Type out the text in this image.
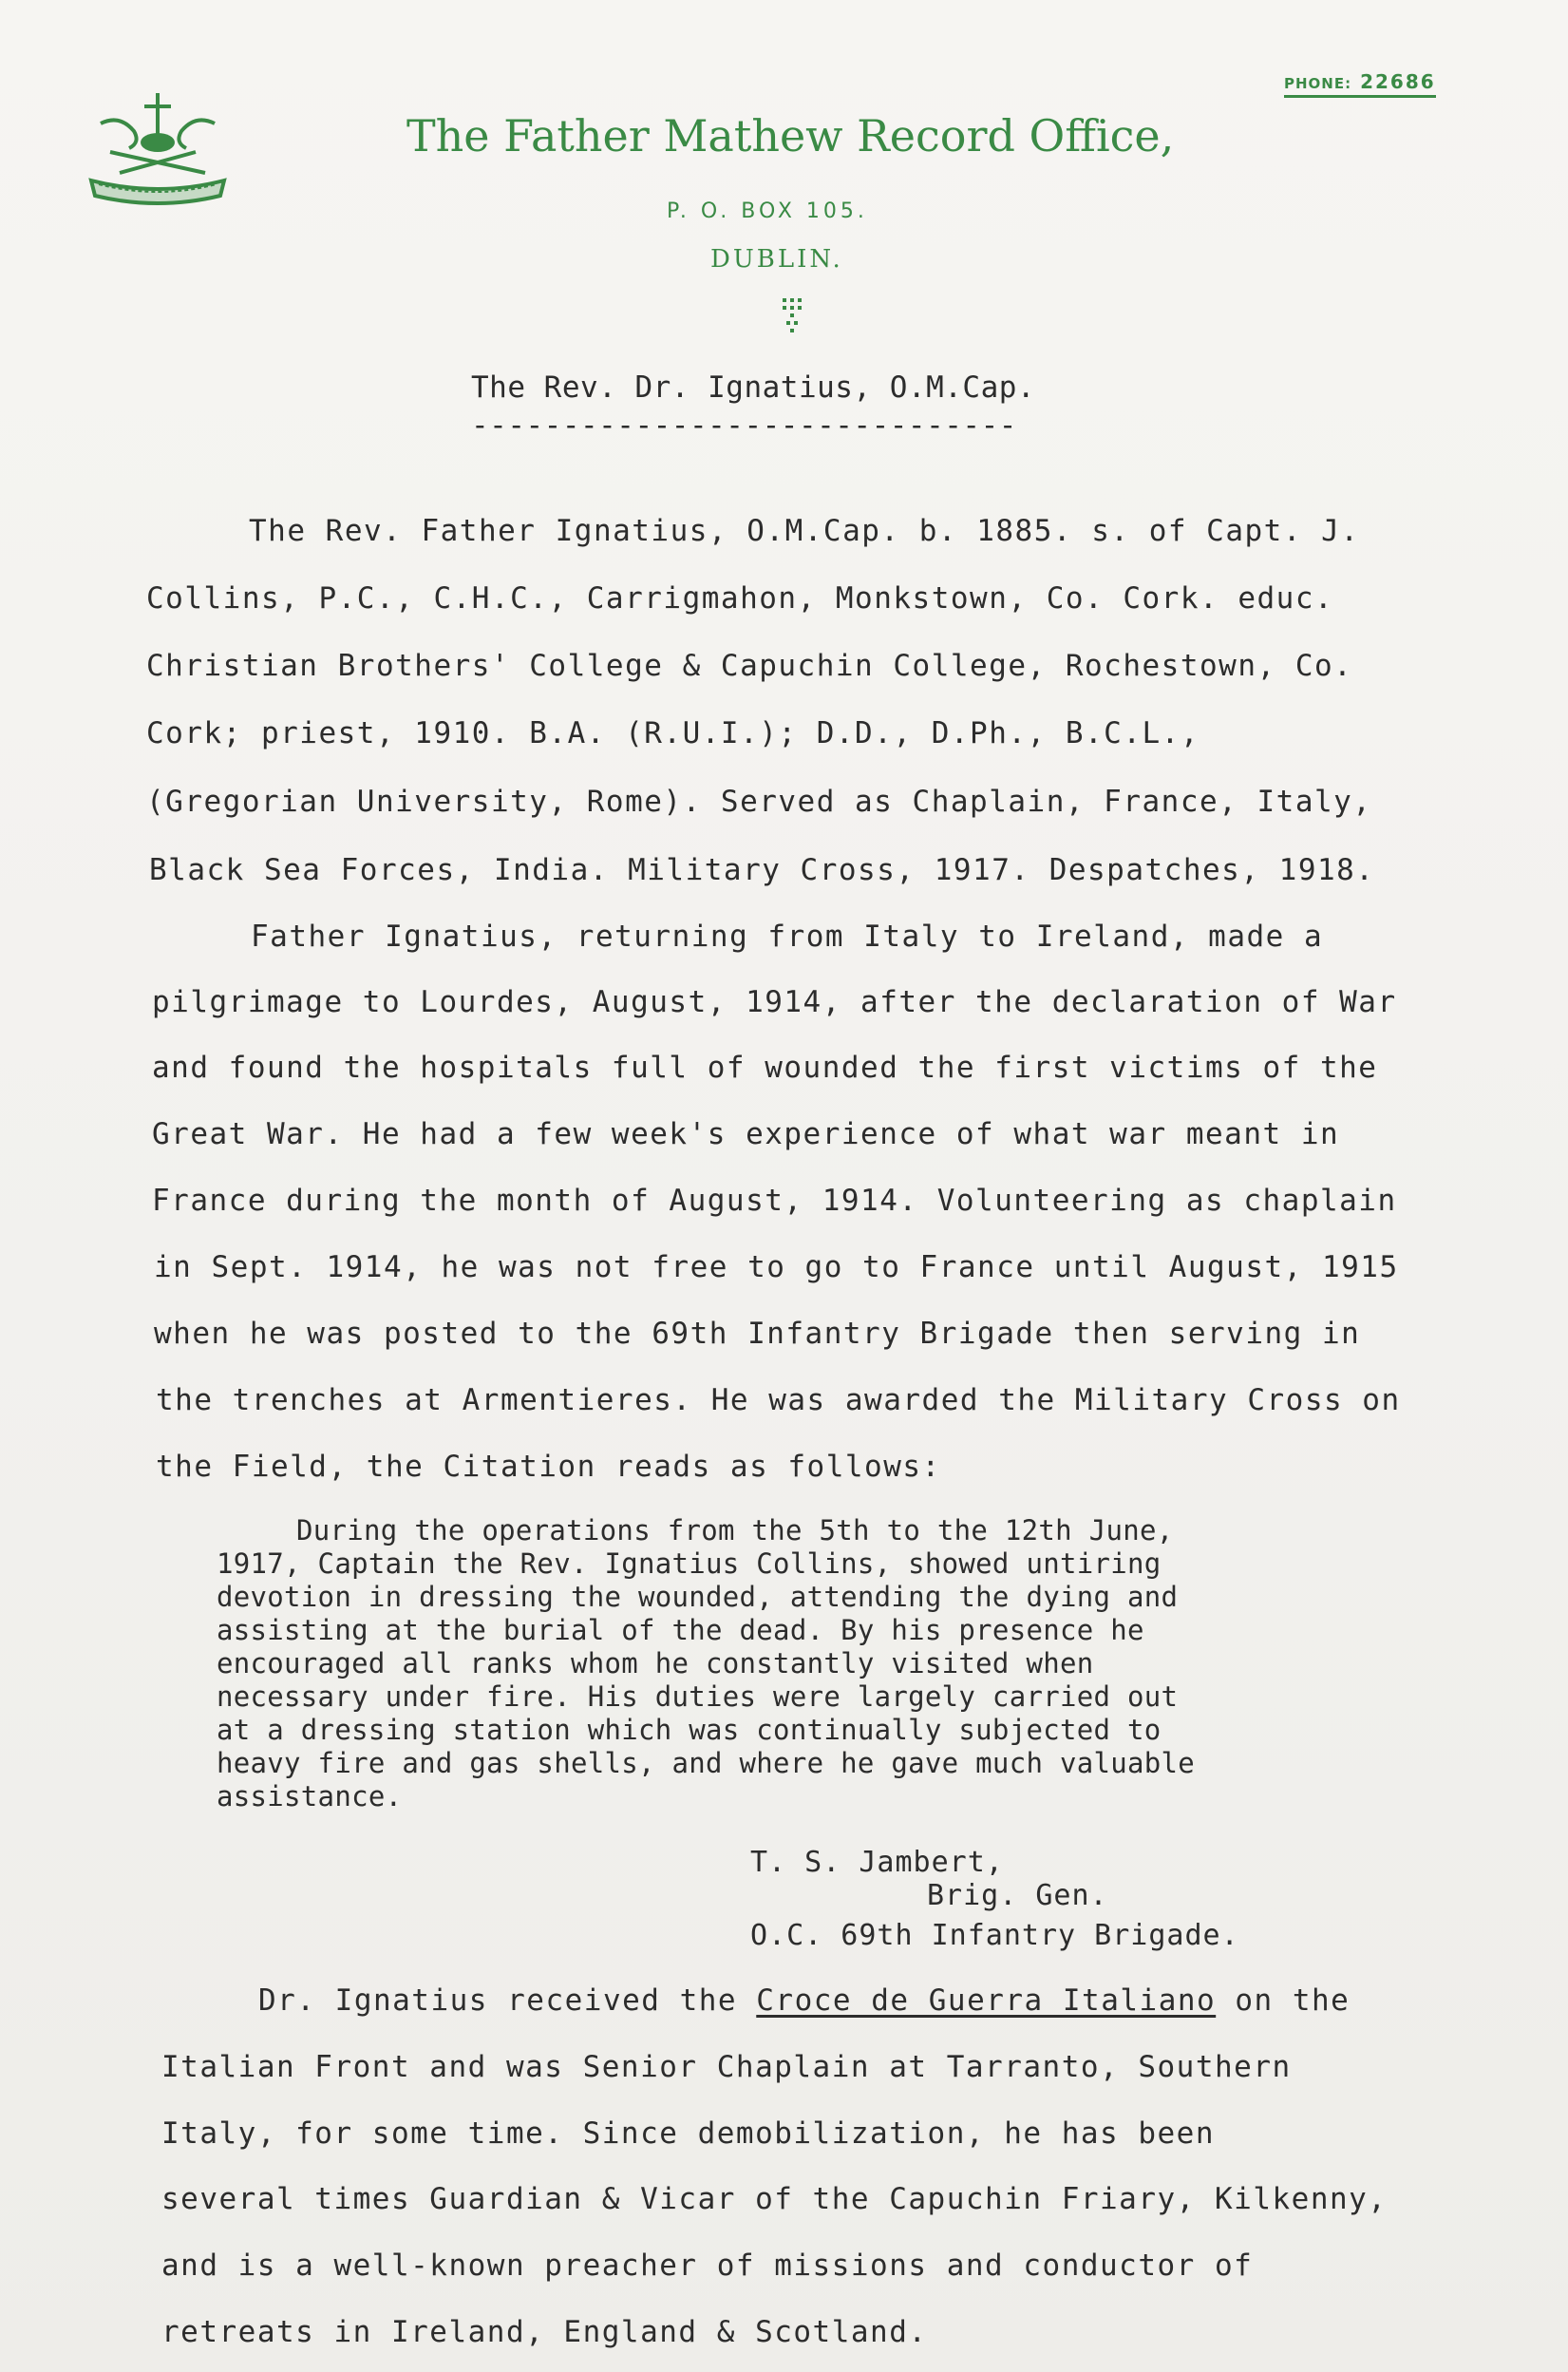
PHONE: 22686
The Father Mathew Record Office,
P. O. BOX 105.
DUBLIN.
The Rev. Dr. Ignatius, O.M.Cap.
------------------------------
The Rev. Father Ignatius, O.M.Cap. b. 1885. s. of Capt. J.
Collins, P.C., C.H.C., Carrigmahon, Monkstown, Co. Cork. educ.
Christian Brothers' College & Capuchin College, Rochestown, Co.
Cork; priest, 1910. B.A. (R.U.I.); D.D., D.Ph., B.C.L.,
(Gregorian University, Rome). Served as Chaplain, France, Italy,
Black Sea Forces, India. Military Cross, 1917. Despatches, 1918.
Father Ignatius, returning from Italy to Ireland, made a
pilgrimage to Lourdes, August, 1914, after the declaration of War
and found the hospitals full of wounded the first victims of the
Great War. He had a few week's experience of what war meant in
France during the month of August, 1914. Volunteering as chaplain
in Sept. 1914, he was not free to go to France until August, 1915
when he was posted to the 69th Infantry Brigade then serving in
the trenches at Armentieres. He was awarded the Military Cross on
the Field, the Citation reads as follows:
During the operations from the 5th to the 12th June,
1917, Captain the Rev. Ignatius Collins, showed untiring
devotion in dressing the wounded, attending the dying and
assisting at the burial of the dead. By his presence he
encouraged all ranks whom he constantly visited when
necessary under fire. His duties were largely carried out
at a dressing station which was continually subjected to
heavy fire and gas shells, and where he gave much valuable
assistance.
T. S. Jambert,
Brig. Gen.
O.C. 69th Infantry Brigade.
Dr. Ignatius received the Croce de Guerra Italiano on the
Italian Front and was Senior Chaplain at Tarranto, Southern
Italy, for some time. Since demobilization, he has been
several times Guardian & Vicar of the Capuchin Friary, Kilkenny,
and is a well-known preacher of missions and conductor of
retreats in Ireland, England & Scotland.
